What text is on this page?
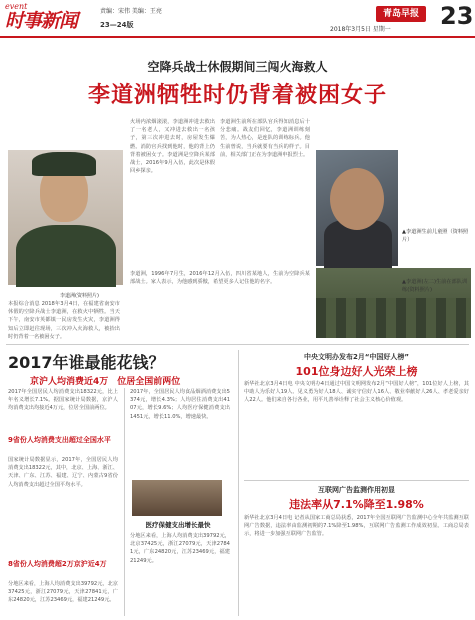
event
时事新闻	责编：宋伟 美编：王亮
23—24版
青岛早报
2018年3月5日 星期一 23
空降兵战士休假期间三闯火海救人
李道洲牺牲时仍背着被困女子
李道洲(资料照片)
本报综合消息 2018年3月4日，在福建省南安市休假的空降兵战士李道洲，在救火中牺牲。当天下午，南安市英都镇一民房发生火灾，李道洲得知后立即赶往现场，三次冲入火海救人，被抬出时仍背着一名被困女子。
火场内浓烟滚滚，李道洲冲进去救出了一名老人，又冲进去救出一名孩子，第三次冲进去时，房屋发生爆燃。消防官兵找到他时，他的背上仍背着被困女子。李道洲是空降兵某部战士，2016年9月入伍，此次是休假回乡探亲。
李道洲生前所在部队官兵得知消息后十分悲痛。战友们回忆，李道洲训练刻苦，为人热心，是连队的训练标兵。他生前曾说，当兵就要有当兵的样子。目前，相关部门正在为李道洲申报烈士。
李道洲，1996年7月生，2016年12月入伍，四川省某地人，生前为空降兵某部战士。家人表示，为他感到骄傲，希望更多人记住他的名字。
▲李道洲生前儿童照（资料照片）
▲李道洲(左二)生前在部队训练(资料照片)
2017年谁最能花钱？
京沪人均消费近4万　位居全国前两位
2017年全国居民人均消费支出18322元，比上年名义增长7.1%。据国家统计局数据，京沪人均消费支出均接近4万元，位居全国前两位。
9省份人均消费支出超过全国水平
国家统计局数据显示，2017年，全国居民人均消费支出18322元，其中，北京、上海、浙江、天津、广东、江苏、福建、辽宁、内蒙古9省份人均消费支出超过全国平均水平。
8省份人均消费超2万京沪近4万
分地区来看，上海人均消费支出39792元，北京37425元，浙江27079元，天津27841元，广东24820元，江苏23469元，福建21249元。
2017年，全国居民人均食品烟酒消费支出5374元，增长4.3%；人均居住消费支出4107元，增长9.6%；人均医疗保健消费支出1451元，增长11.0%，增速最快。
医疗保健支出增长最快
分地区来看，上海人均消费支出39792元，北京37425元，浙江27079元，天津27841元，广东24820元，江苏23469元，福建21249元。
中央文明办发布2月“中国好人榜”
101位身边好人光荣上榜
新华社北京3月4日电 中央文明办4日通过中国文明网发布2月“中国好人榜”，101位好人上榜，其中助人为乐好人19人、见义勇为好人18人、诚实守信好人16人、敬业奉献好人26人、孝老爱亲好人22人。他们来自各行各业，用平凡善举诠释了社会主义核心价值观。
互联网广告监测作用初显
违法率从7.1%降至1.98%
新华社北京3月4日电 记者从国家工商总局获悉，2017年全国互联网广告监测中心全年共监测互联网广告数据，违法率由监测初期的7.1%降至1.98%，互联网广告监测工作成效初显。工商总局表示，将进一步加强互联网广告监管。
